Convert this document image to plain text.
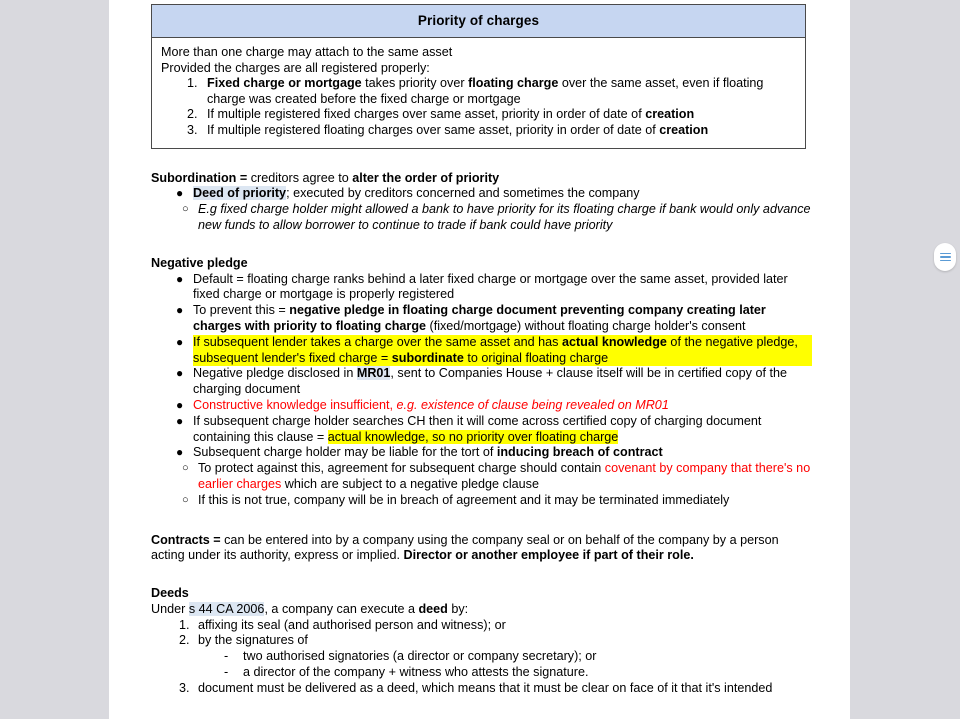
Priority of charges
More than one charge may attach to the same asset
Provided the charges are all registered properly:
1. Fixed charge or mortgage takes priority over floating charge over the same asset, even if floating charge was created before the fixed charge or mortgage
2. If multiple registered fixed charges over same asset, priority in order of date of creation
3. If multiple registered floating charges over same asset, priority in order of date of creation

Subordination = creditors agree to alter the order of priority

● Deed of priority; executed by creditors concerned and sometimes the company
○ E.g fixed charge holder might allowed a bank to have priority for its floating charge if bank would only advance new funds to allow borrower to continue to trade if bank could have priority

Negative pledge

● Default = floating charge ranks behind a later fixed charge or mortgage over the same asset, provided later fixed charge or mortgage is properly registered
● To prevent this = negative pledge in floating charge document preventing company creating later charges with priority to floating charge (fixed/mortgage) without floating charge holder's consent
● If subsequent lender takes a charge over the same asset and has actual knowledge of the negative pledge, subsequent lender's fixed charge = subordinate to original floating charge
● Negative pledge disclosed in MR01, sent to Companies House + clause itself will be in certified copy of the charging document
● Constructive knowledge insufficient, e.g. existence of clause being revealed on MR01
● If subsequent charge holder searches CH then it will come across certified copy of charging document containing this clause = actual knowledge, so no priority over floating charge
● Subsequent charge holder may be liable for the tort of inducing breach of contract
○ To protect against this, agreement for subsequent charge should contain covenant by company that there's no earlier charges which are subject to a negative pledge clause
○ If this is not true, company will be in breach of agreement and it may be terminated immediately

Contracts = can be entered into by a company using the company seal or on behalf of the company by a person acting under its authority, express or implied. Director or another employee if part of their role.

Deeds

Under s 44 CA 2006, a company can execute a deed by:

1. affixing its seal (and authorised person and witness); or
2. by the signatures of
- two authorised signatories (a director or company secretary); or
- a director of the company + witness who attests the signature.
3. document must be delivered as a deed, which means that it must be clear on face of it that it's intended
